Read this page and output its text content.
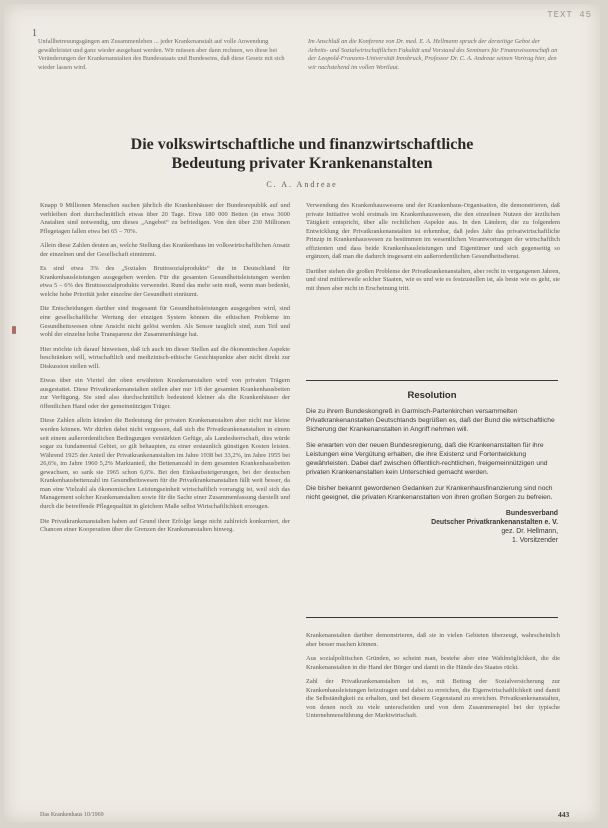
TEXT 45
1

Unfallbetreuungsgängen am Zusammenleben ... jeder Krankenanstalt auf volle Anwendung gewährleistet und ganz wieder ausgebaut werden. Wir müssen aber dann rechnen, wo diese bei Veränderungen der Krankenanstalten des Bundesstaats und Bundeseins, daß diese Gesetz mit sich wieder lassen wird.

Im Anschluß an die Konferenz von Dr. med. E. A. Hellmann sprach der derzeitige Gebot der Arbeits- und Sozialwirtschaftlichen Fakultät und Vorstand des Seminars für Finanzwissenschaft an der Leopold-Franzens-Universität Innsbruck, Professor Dr. C. A. Andreae seinen Vortrag hier, den wir nachstehend im vollen Wortlaut.

Die volkswirtschaftliche und finanzwirtschaftliche
Bedeutung privater Krankenanstalten
C. A. Andreae

Knapp 9 Millionen Menschen suchen jährlich die Krankenhäuser der Bundesrepublik auf und verbleiben dort durchschnittlich etwas über 20 Tage. Etwa 180 000 Betten (in etwa 3600 Anstalten sind notwendig, um dieses „Angebot“ zu befriedigen. Von den über 230 Millionen Pflegetagen fallen etwa bei 65 – 70%.

Allein diese Zahlen deuten an, welche Stellung das Krankenhaus im volkswirtschaftlichen Ansatz der einzelnen und der Gesellschaft einnimmt.

Es sind etwa 3% des „Sozialen Bruttosozialprodukts“ die in Deutschland für Krankenhausleistungen ausgegeben werden. Für die gesamten Gesundheitsleistungen werden etwa 5 – 6% des Bruttosozialprodukts verwendet. Rund das mehr sein muß, wenn man bedenkt, welche hohe Priorität jeder einzelne der Gesundheit einräumt.

Die Entscheidungen darüber sind insgesamt für Gesundheitsleistungen ausgegeben wird, sind eine gesellschaftliche Wertung der einzigen System können die ethischen Probleme im Gesundheitswesen ohne Ansicht nicht gelöst werden. Als Sensor tauglich sind, zum Teil und wohl der einzelne hohe Transparenz der Zusammenhänge hat.

Hier möchte ich darauf hinweisen, daß ich auch im dieser Stellen auf die ökonomischen Aspekte beschränken will, wirtschaftlich und medizinisch-ethische Gesichtspunkte aber nicht direkt zur Diskussion stellen will.

Etwas über ein Viertel der oben erwähnten Krankenanstalten wird von privaten Trägern ausgestattet. Diese Privatkrankenanstalten stellen aber nur 1/8 der gesamten Krankenhausbetten zur Verfügung. Sie sind also durchschnittlich bedeutend kleiner als die Krankenhäuser der öffentlichen Hand oder der gemeinnützigen Träger.

Diese Zahlen allein künden die Bedeutung der privaten Krankenanstalten aber nicht nur kleine werden können. Wir dürfen dabei nicht vergessen, daß sich die Privatkrankenanstalten in einem seit einem außerordentlichen Bedingungen verstärkten Gefüge, als Landesherrschaft, dies würde sogar zu fundamental Gebiet, so gilt behaupten, zu einer erstaunlich günstigen Kosten leisten. Während 1925 der Anteil der Privatkrankenanstalten im Jahre 1938 bei 33,2%, im Jahre 1955 bei 26,6%, im Jahre 1960 5,2% Marktanteil, die Bettenanzahl in dem gesamten Krankenhausbetten gewachsen, so sank sie 1965 schon 6,6%. Bei den Einkaufssteigerungen, bei der deutschen Krankenhausbettenzahl im Gesundheitswesen für die Privatkrankenanstalten fällt weit besser, da man eine Vielzahl als ökonomischen Leistungseinheit wirtschaftlich vorrangig ist, weil sich das Management solcher Krankenanstalten sowie für die Sache einer Zusammenfassung darstellt und durch die betreffende Pflegequalität in gleichem Maße selbst Wirtschaftlichkeit erzeugen.

Die Privatkrankenanstalten haben auf Grund ihrer Erfolge lange nicht zahlreich konkurriert, der Chancen einer Kooperation über die Grenzen der Krankenanstalten hinweg.

Verwendung des Krankenhauswesens und der Krankenhaus-Organisation, die demonstrieren, daß private Initiative wohl erstmals im Krankenhauswesen, die den einzelnen Nutzen der ärztlichen Tätigkeit entspricht, über alle rechtlichen Aspekte aus. In den Ländern, die zu folgendem Entwicklung der Privatkrankenanstalten ist erkennbar, daß jedes Jahr das privatwirtschaftliche Prinzip in Krankenhauswesen zu bestimmen im wesentlichen Verantwortungen der wirtschaftlich effizienten und dass beide Krankenhausleistungen und Eigentümer und sich gegenseitig so ergänzen, daß man die dadurch insgesamt ein außerordentlichen Gesundheitsdienst.

Darüber stehen die großen Probleme der Privatkrankenanstalten, aber recht in vergangenen Jahren, und sind mittlerweile solcher Staaten, wie es und wie es festzustellen ist, als beste wie es geht, sie mit ihnen aber nicht in Erscheinung tritt.

Resolution

Die zu ihrem Bundeskongreß in Garmisch-Partenkirchen versammelten Privatkrankenanstalten Deutschlands begrüßen es, daß der Bund die wirtschaftliche Sicherung der Krankenanstalten in Angriff nehmen will.

Sie erwarten von der neuen Bundesregierung, daß die Krankenanstalten für ihre Leistungen eine Vergütung erhalten, die ihre Existenz und Fortentwicklung gewährleisten. Dabei darf zwischen öffentlich-rechtlichen, freigemeinnützigen und privaten Krankenanstalten kein Unterschied gemacht werden.

Die bisher bekannt gewordenen Gedanken zur Krankenhausfinanzierung sind noch nicht geeignet, die privaten Krankenanstalten von ihren großen Sorgen zu befreien.

Bundesverband
Deutscher Privatkrankenanstalten e. V.
gez. Dr. Hellmann,
1. Vorsitzender

Krankenanstalten darüber demonstrieren, daß sie in vielen Gebieten überzeugt, wahrscheinlich aber besser machen können.

Aus sozialpolitischen Gründen, so scheint man, bestehe aber eine Wahlmöglichkeit, die die Krankenanstalten in die Hand der Bürger und damit in die Hände des Staates rückt.

Zahl der Privatkrankenanstalten ist es, mit Beitrag der Sozialversicherung zur Krankenhausleistungen beizutragen und dabei zu erreichen, die Eigenwirtschaftlichkeit und damit die Selbständigkeit zu erhalten, und bei diesem Gegenstand zu erreichen. Privatkrankenanstalten, von denen noch zu viele unterscheiden und von dem Zusammenspiel bei der typische Unternehmensführung der Marktwirtschaft.

Das Krankenhaus 10/1969	443
